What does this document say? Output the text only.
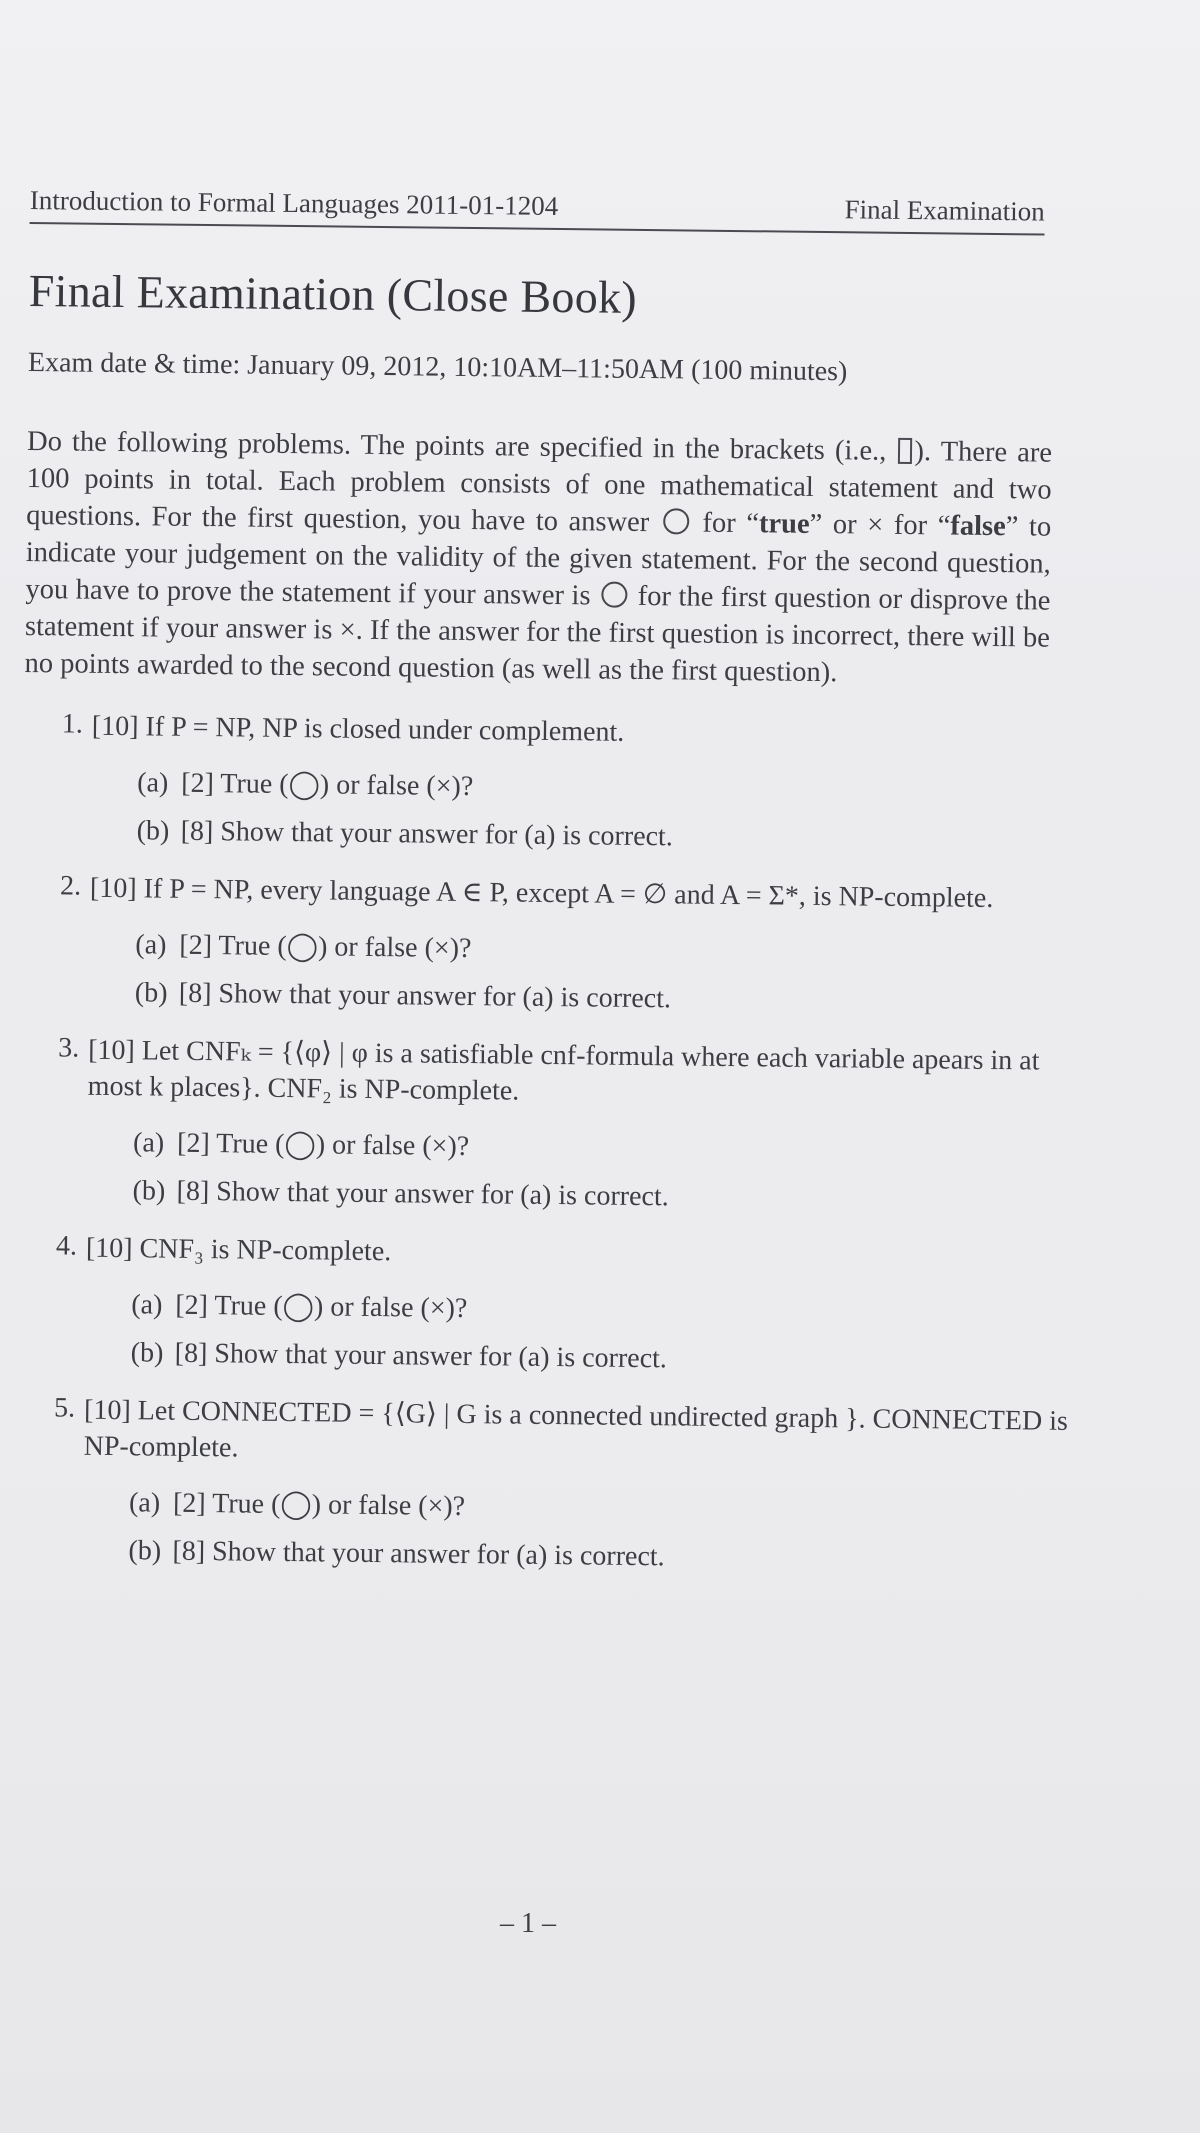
Introduction to Formal Languages 2011-01-1204	Final Examination
Final Examination (Close Book)
Exam date & time: January 09, 2012, 10:10AM–11:50AM (100 minutes)
Do the following problems. The points are specified in the brackets (i.e., ). There are 100 points in total. Each problem consists of one mathematical statement and two questions. For the first question, you have to answer  for “true” or × for “false” to indicate your judgement on the validity of the given statement. For the second question, you have to prove the statement if your answer is  for the first question or disprove the statement if your answer is ×. If the answer for the first question is incorrect, there will be no points awarded to the second question (as well as the first question).
1. [10] If P = NP, NP is closed under complement.
(a) [2] True (◯) or false (×)?
(b) [8] Show that your answer for (a) is correct.
2. [10] If P = NP, every language A ∈ P, except A = ∅ and A = Σ*, is NP-complete.
(a) [2] True (◯) or false (×)?
(b) [8] Show that your answer for (a) is correct.
3. [10] Let CNFₖ = {⟨φ⟩ | φ is a satisfiable cnf-formula where each variable apears in at most k places}. CNF₂ is NP-complete.
(a) [2] True (◯) or false (×)?
(b) [8] Show that your answer for (a) is correct.
4. [10] CNF₃ is NP-complete.
(a) [2] True (◯) or false (×)?
(b) [8] Show that your answer for (a) is correct.
5. [10] Let CONNECTED = {⟨G⟩ | G is a connected undirected graph }. CONNECTED is NP-complete.
(a) [2] True (◯) or false (×)?
(b) [8] Show that your answer for (a) is correct.
– 1 –
